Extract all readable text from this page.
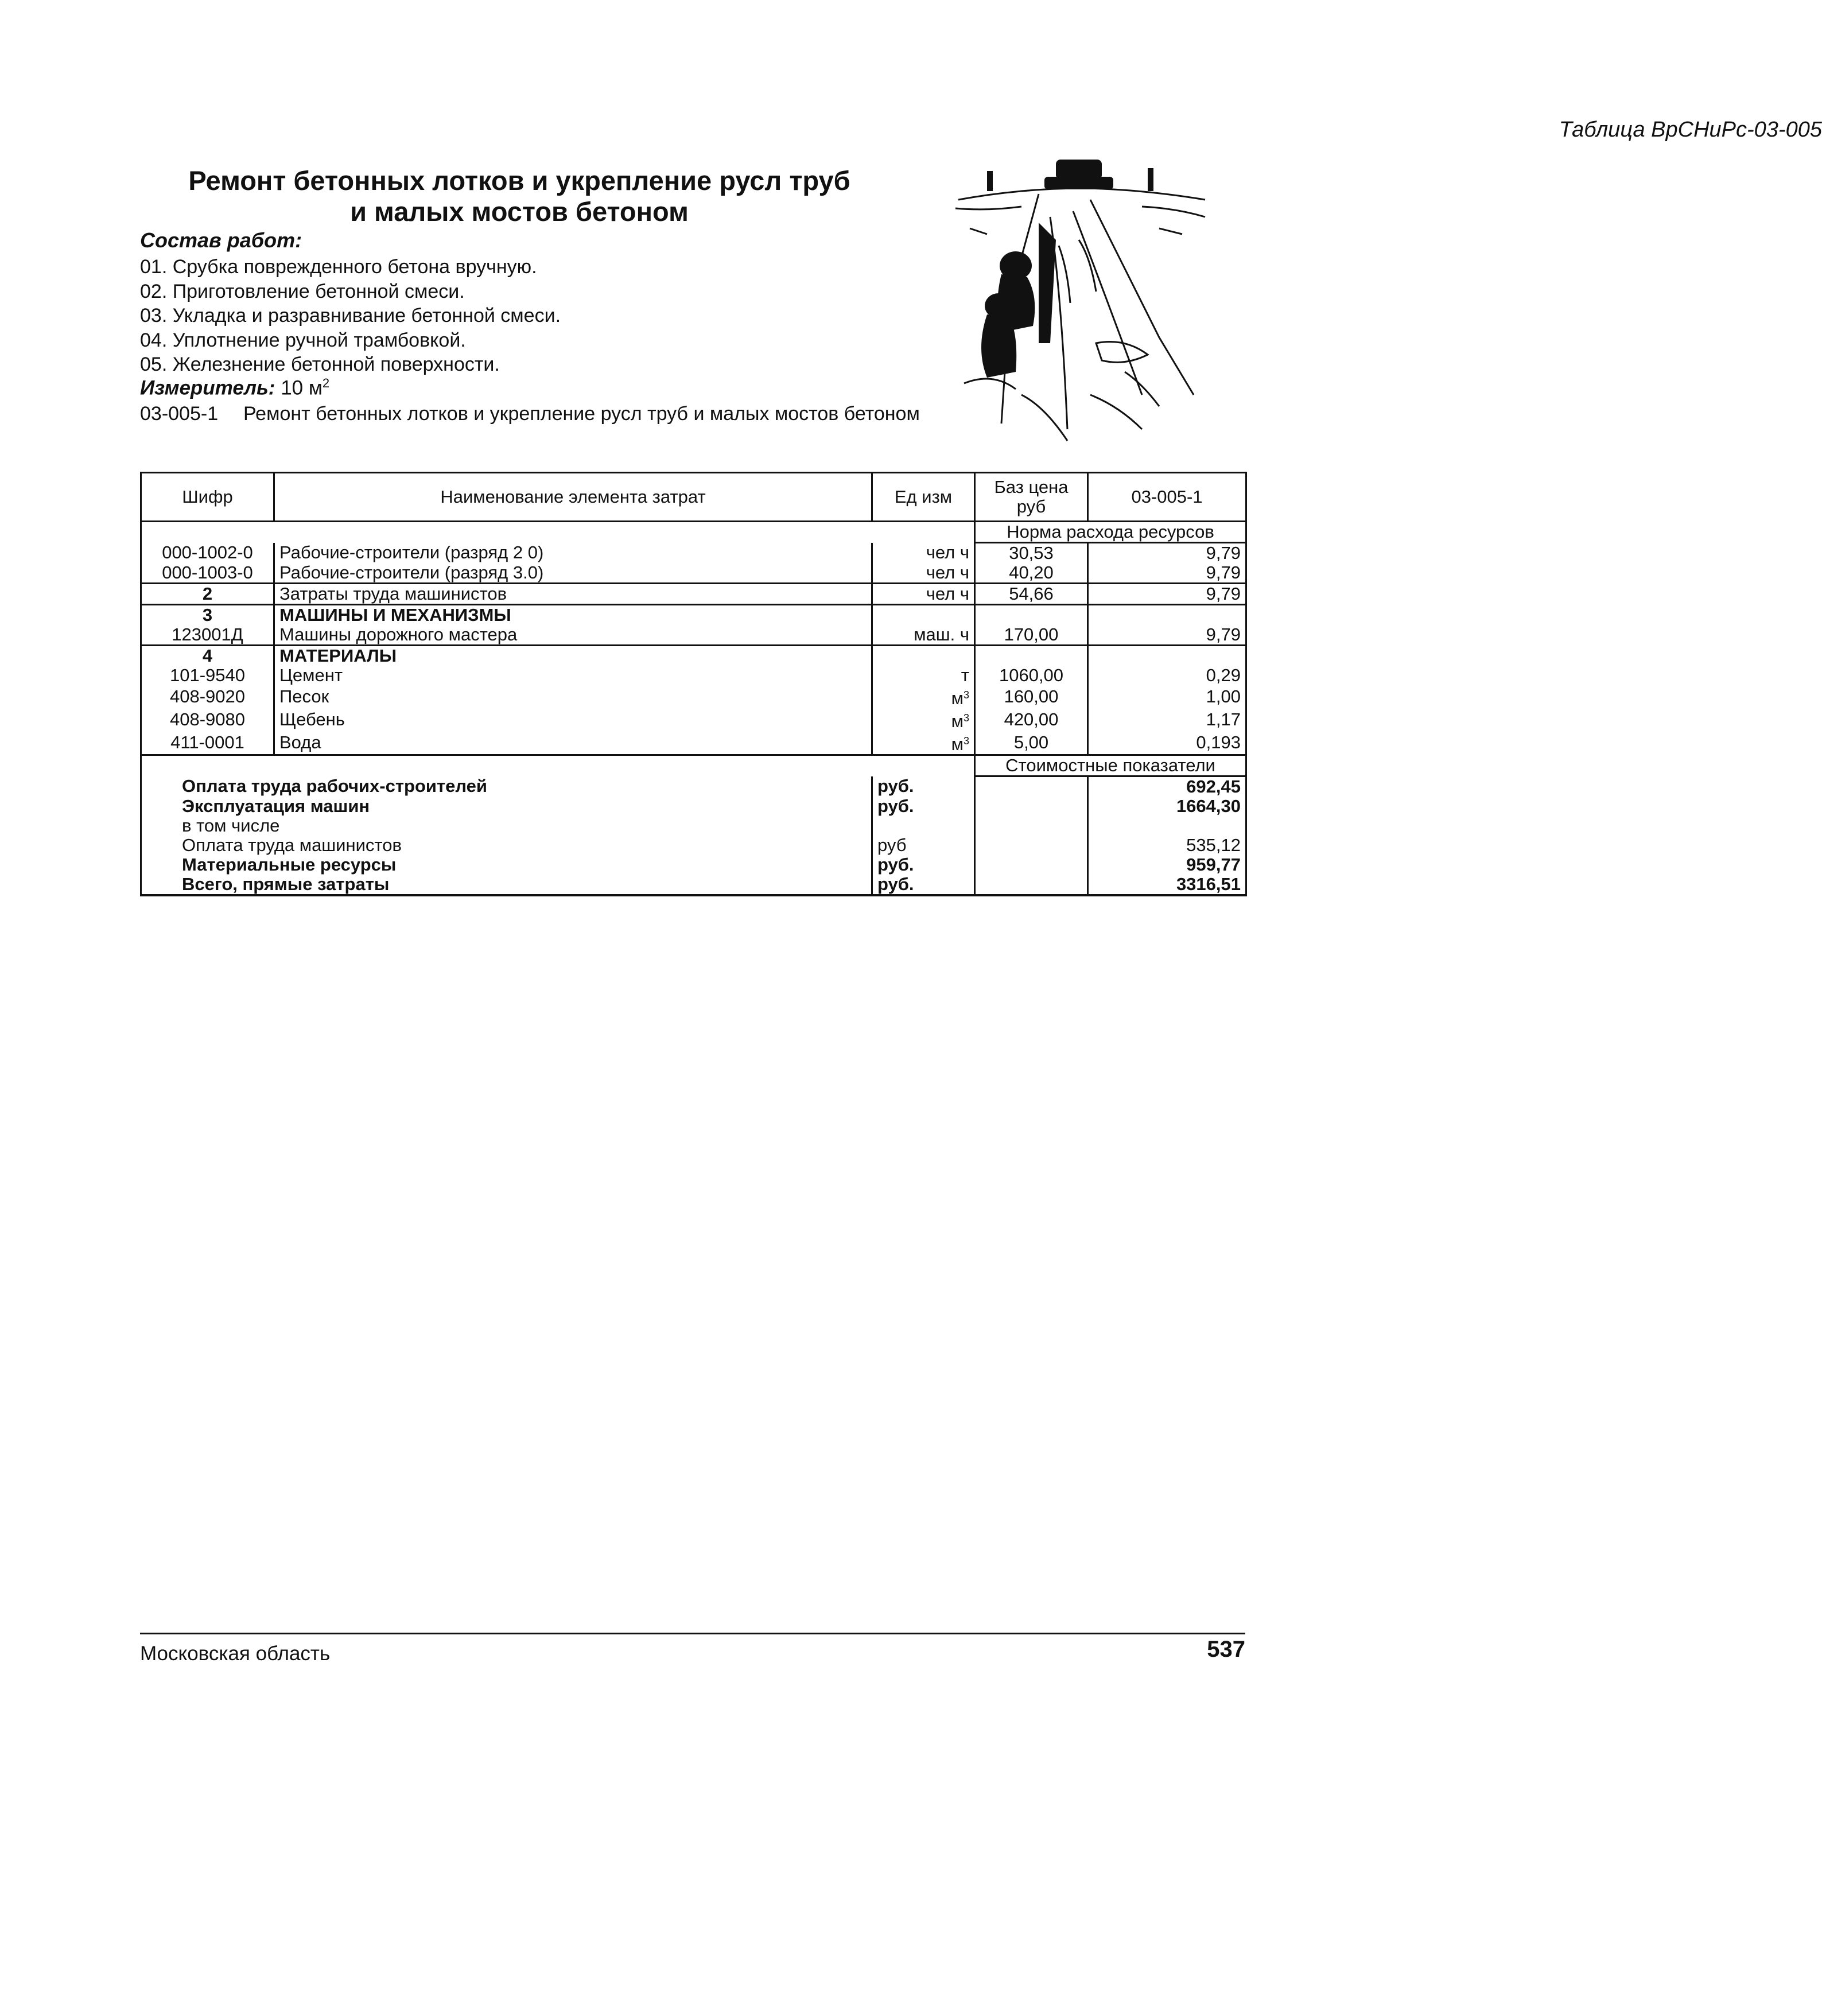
Таблица ВрСНиРс-03-005
Ремонт бетонных лотков и укрепление русл труб
и малых мостов бетоном
Состав работ:
01. Срубка поврежденного бетона вручную.
02. Приготовление бетонной смеси.
03. Укладка и разравнивание бетонной смеси.
04. Уплотнение ручной трамбовкой.
05. Железнение бетонной поверхности.
Измеритель: 10 $м^2$
03-005-1	Ремонт бетонных лотков и укрепление русл труб и малых мостов бетоном
Шифр	Наименование элемента затрат	Ед изм	Баз цена руб	03-005-1
			Норма расхода ресурсов	
000-1002-0	Рабочие-строители (разряд 2 0)	чел ч	30,53	9,79
000-1003-0	Рабочие-строители (разряд 3.0)	чел ч	40,20	9,79
2	Затраты труда машинистов	чел ч	54,66	9,79
3	МАШИНЫ И МЕХАНИЗМЫ			
123001Д	Машины дорожного мастера	маш. ч	170,00	9,79
4	МАТЕРИАЛЫ			
101-9540	Цемент	т	1060,00	0,29
408-9020	Песок	$м^3$	160,00	1,00
408-9080	Щебень	$м^3$	420,00	1,17
411-0001	Вода	$м^3$	5,00	0,193
			Стоимостные показатели	
Оплата труда рабочих-строителей		руб.		692,45
Эксплуатация машин		руб.		1664,30
в том числе				
Оплата труда машинистов		руб		535,12
Материальные ресурсы		руб.		959,77
Всего, прямые затраты		руб.		3316,51
Московская область	537
